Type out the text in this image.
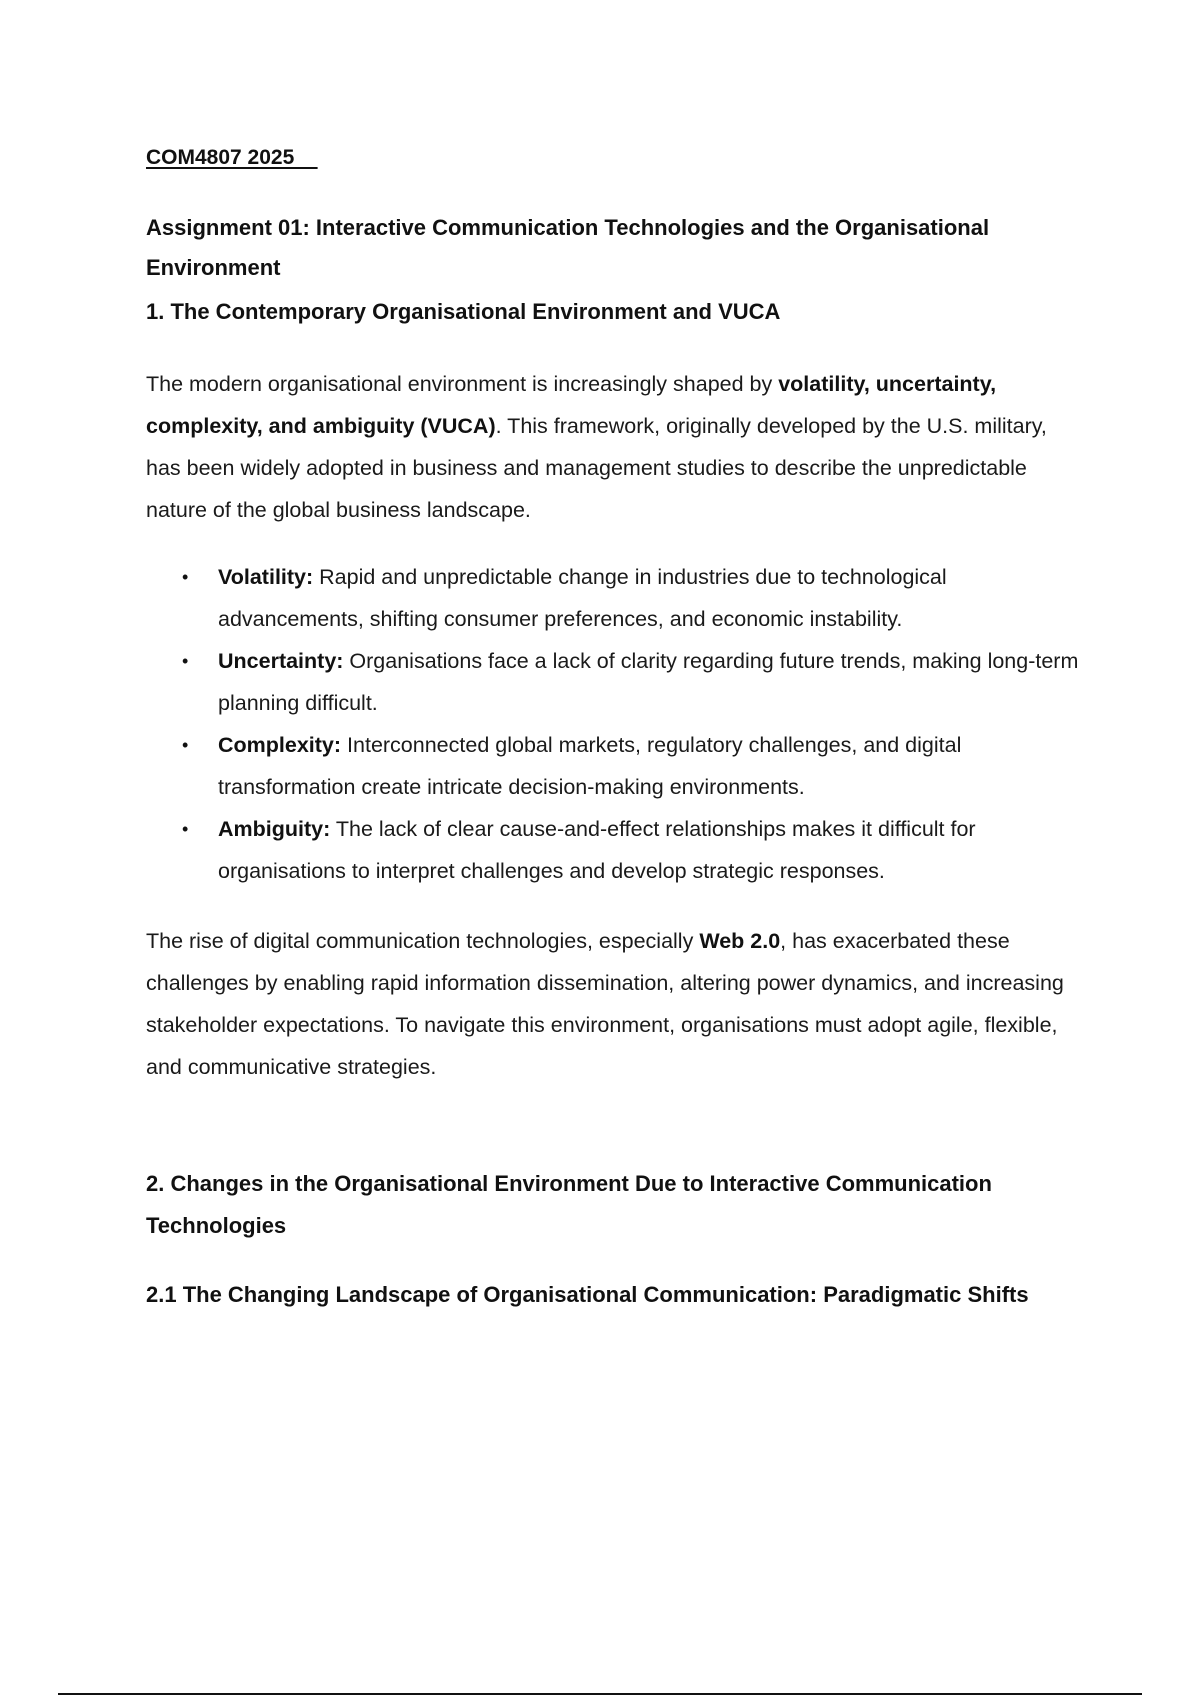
COM4807 2025
Assignment 01: Interactive Communication Technologies and the Organisational Environment
1. The Contemporary Organisational Environment and VUCA

The modern organisational environment is increasingly shaped by volatility, uncertainty, complexity, and ambiguity (VUCA). This framework, originally developed by the U.S. military, has been widely adopted in business and management studies to describe the unpredictable nature of the global business landscape.

• Volatility: Rapid and unpredictable change in industries due to technological advancements, shifting consumer preferences, and economic instability.
• Uncertainty: Organisations face a lack of clarity regarding future trends, making long-term planning difficult.
• Complexity: Interconnected global markets, regulatory challenges, and digital transformation create intricate decision-making environments.
• Ambiguity: The lack of clear cause-and-effect relationships makes it difficult for organisations to interpret challenges and develop strategic responses.

The rise of digital communication technologies, especially Web 2.0, has exacerbated these challenges by enabling rapid information dissemination, altering power dynamics, and increasing stakeholder expectations. To navigate this environment, organisations must adopt agile, flexible, and communicative strategies.

2. Changes in the Organisational Environment Due to Interactive Communication Technologies
2.1 The Changing Landscape of Organisational Communication: Paradigmatic Shifts
